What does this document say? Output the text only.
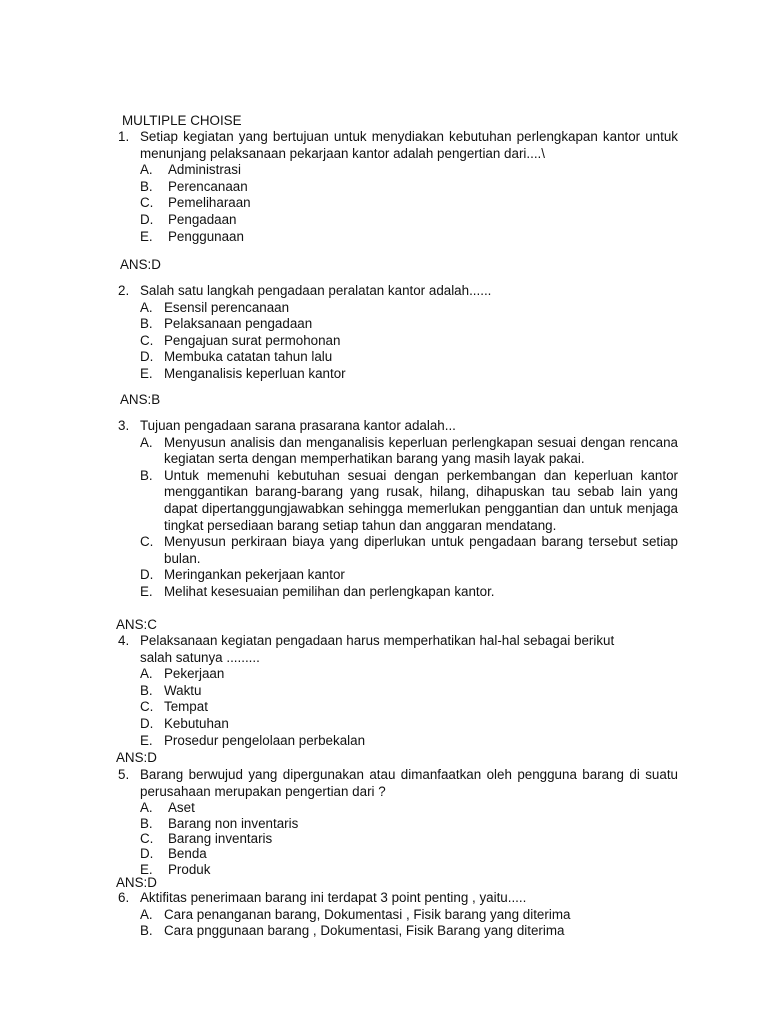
MULTIPLE CHOISE
1. Setiap kegiatan yang bertujuan untuk menydiakan kebutuhan perlengkapan kantor untuk menunjang pelaksanaan pekarjaan kantor adalah pengertian dari....\
A. Administrasi
B. Perencanaan
C. Pemeliharaan
D. Pengadaan
E. Penggunaan
ANS:D
2. Salah satu langkah pengadaan peralatan kantor adalah......
A. Esensil perencanaan
B. Pelaksanaan pengadaan
C. Pengajuan surat permohonan
D. Membuka catatan tahun lalu
E. Menganalisis keperluan kantor
ANS:B
3. Tujuan pengadaan sarana prasarana kantor adalah...
A. Menyusun analisis dan menganalisis keperluan perlengkapan sesuai dengan rencana kegiatan serta dengan memperhatikan barang yang masih layak pakai.
B. Untuk memenuhi kebutuhan sesuai dengan perkembangan dan keperluan kantor menggantikan barang-barang yang rusak, hilang, dihapuskan tau sebab lain yang dapat dipertanggungjawabkan sehingga memerlukan penggantian dan untuk menjaga tingkat persediaan barang setiap tahun dan anggaran mendatang.
C. Menyusun perkiraan biaya yang diperlukan untuk pengadaan barang tersebut setiap bulan.
D. Meringankan pekerjaan kantor
E. Melihat kesesuaian pemilihan dan perlengkapan kantor.
ANS:C
4. Pelaksanaan kegiatan pengadaan harus memperhatikan hal-hal sebagai berikut salah satunya .........
A. Pekerjaan
B. Waktu
C. Tempat
D. Kebutuhan
E. Prosedur pengelolaan perbekalan
ANS:D
5. Barang berwujud yang dipergunakan atau dimanfaatkan oleh pengguna barang di suatu perusahaan merupakan pengertian dari ?
A. Aset
B. Barang non inventaris
C. Barang inventaris
D. Benda
E. Produk
ANS:D
6. Aktifitas penerimaan barang ini terdapat 3 point penting , yaitu.....
A. Cara penanganan barang, Dokumentasi , Fisik barang yang diterima
B. Cara pnggunaan barang , Dokumentasi, Fisik Barang yang diterima
